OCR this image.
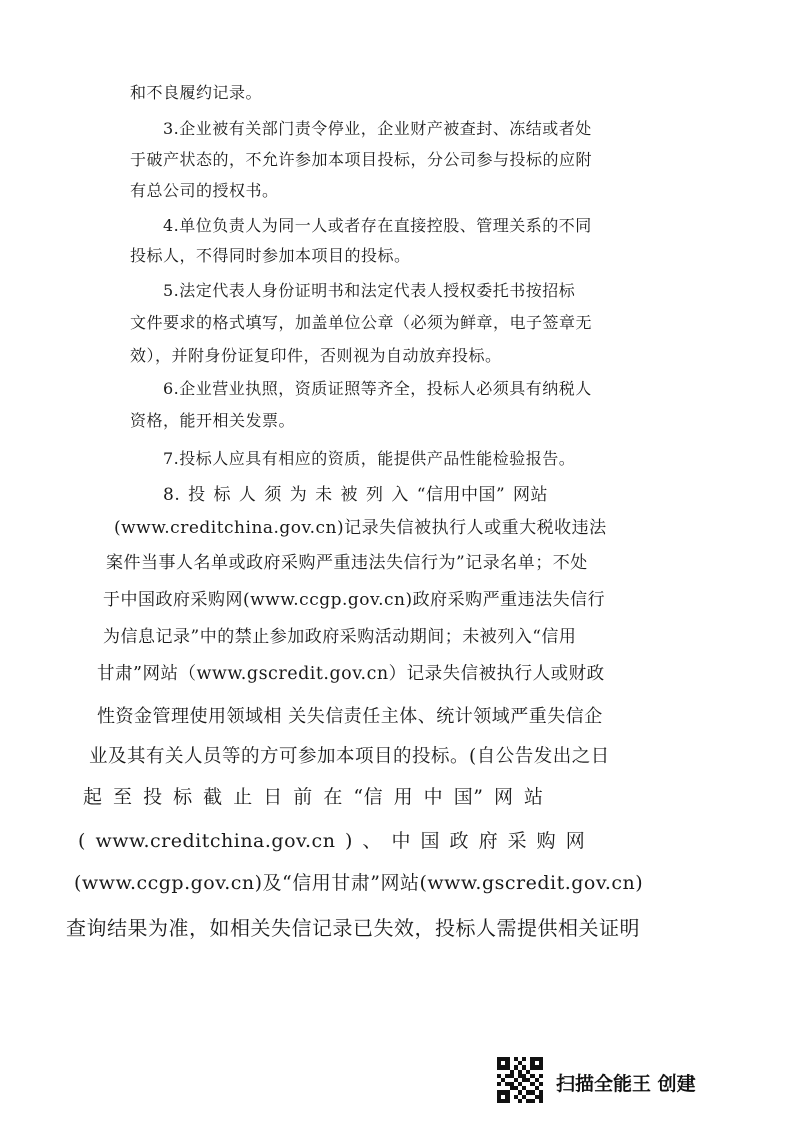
和不良履约记录。
3.企业被有关部门责令停业，企业财产被查封、冻结或者处
于破产状态的，不允许参加本项目投标，分公司参与投标的应附
有总公司的授权书。
4.单位负责人为同一人或者存在直接控股、管理关系的不同
投标人，不得同时参加本项目的投标。
5.法定代表人身份证明书和法定代表人授权委托书按招标
文件要求的格式填写，加盖单位公章（必须为鲜章，电子签章无
效），并附身份证复印件，否则视为自动放弃投标。
6.企业营业执照，资质证照等齐全，投标人必须具有纳税人
资格，能开相关发票。
7.投标人应具有相应的资质，能提供产品性能检验报告。
8. 投 标 人 须 为 未 被 列 入 “信用中国” 网站
(www.creditchina.gov.cn)记录失信被执行人或重大税收违法
案件当事人名单或政府采购严重违法失信行为”记录名单；不处
于中国政府采购网(www.ccgp.gov.cn)政府采购严重违法失信行
为信息记录”中的禁止参加政府采购活动期间；未被列入“信用
甘肃”网站（www.gscredit.gov.cn）记录失信被执行人或财政
性资金管理使用领域相 关失信责任主体、统计领域严重失信企
业及其有关人员等的方可参加本项目的投标。(自公告发出之日
起 至 投 标 截 止 日 前 在 “信 用 中 国” 网 站
( www.creditchina.gov.cn ) 、 中 国 政 府 采 购 网
(www.ccgp.gov.cn)及“信用甘肃”网站(www.gscredit.gov.cn)
查询结果为准，如相关失信记录已失效，投标人需提供相关证明
扫描全能王 创建
